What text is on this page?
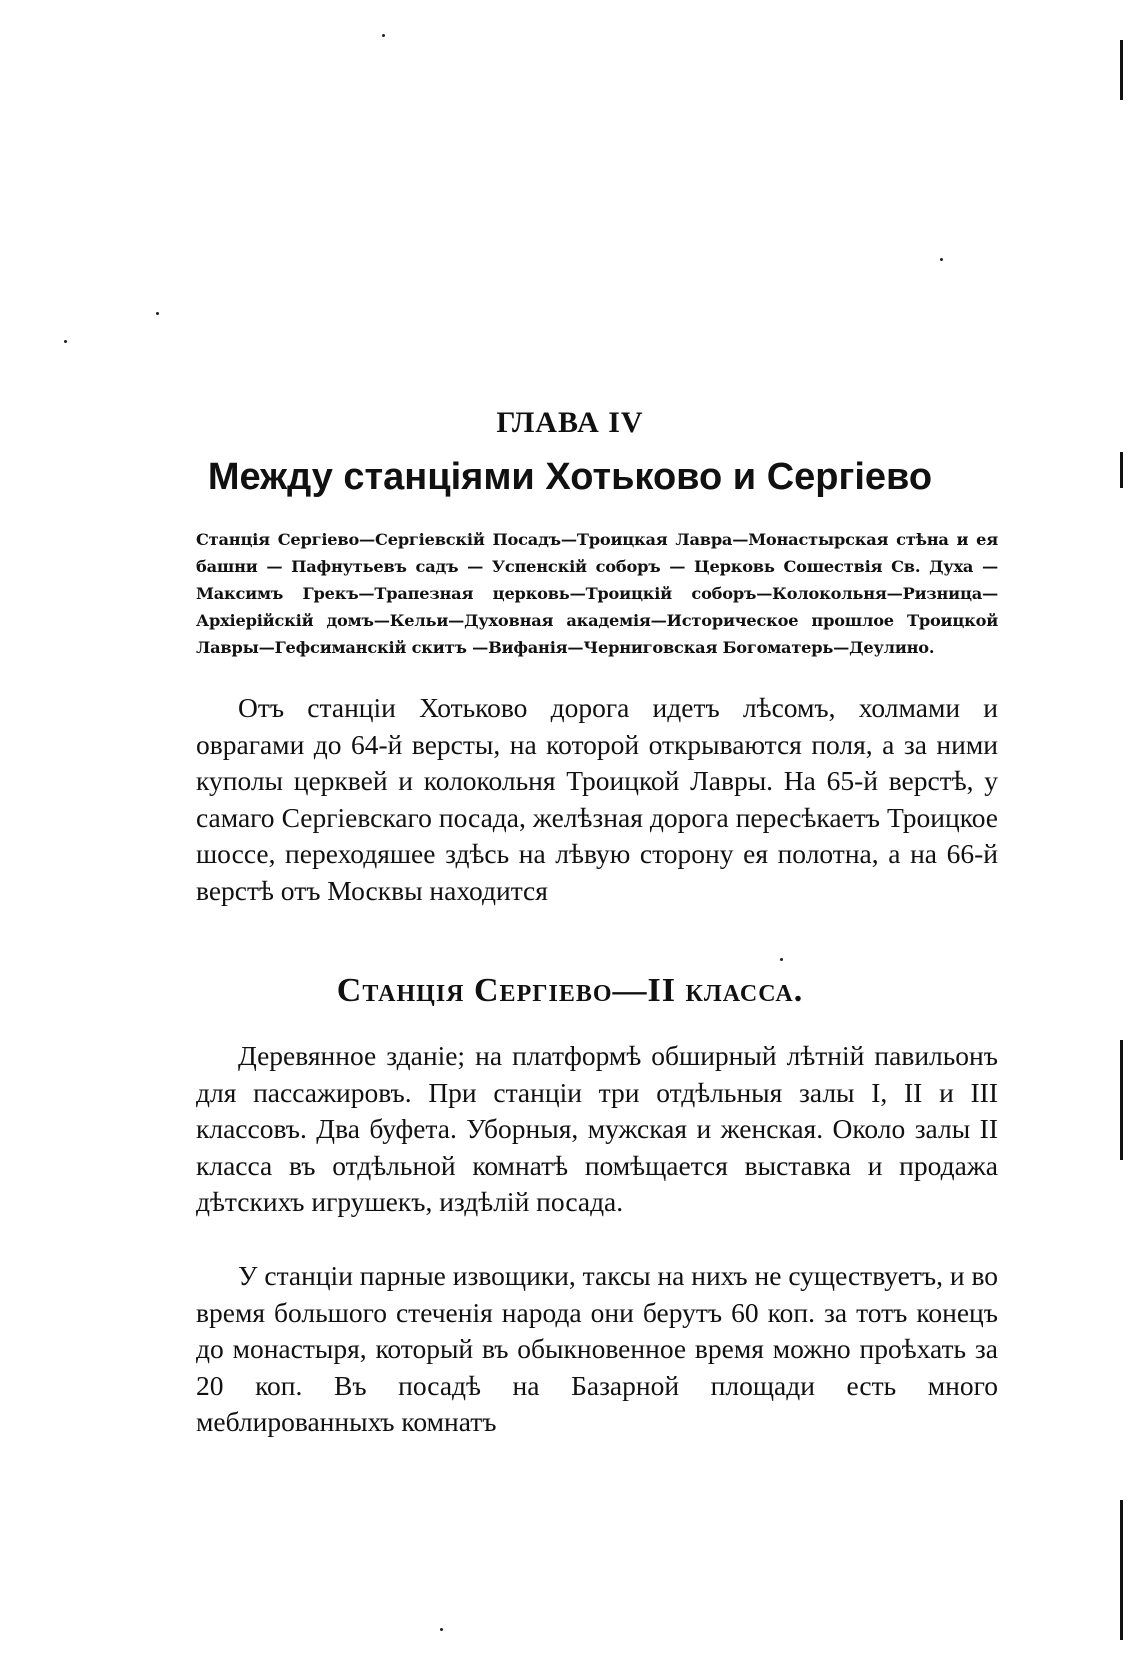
ГЛАВА IV
Между станціями Хотьково и Сергіево

Станція Сергіево—Сергіевскій Посадъ—Троицкая Лавра—Монастырская стѣна и ея башни — Пафнутьевъ садъ — Успенскій соборъ — Церковь Сошествія Св. Духа — Максимъ Грекъ—Трапезная церковь—Троицкій соборъ—Колокольня—Ризница—Архіерійскій домъ—Кельи—Духовная академія—Историческое прошлое Троицкой Лавры—Гефсиманскій скитъ —Вифанія—Черниговская Богоматерь—Деулино.

Отъ станціи Хотьково дорога идетъ лѣсомъ, холмами и оврагами до 64-й версты, на которой открываются поля, а за ними куполы церквей и колокольня Троицкой Лавры. На 65-й верстѣ, у самаго Сергіевскаго посада, желѣзная дорога пересѣкаетъ Троицкое шоссе, переходяшее здѣсь на лѣвую сторону ея полотна, а на 66-й верстѣ отъ Москвы находится

Станція Сергіево—II класса.

Деревянное зданіе; на платформѣ обширный лѣтній павильонъ для пассажировъ. При станціи три отдѣльныя залы I, II и III классовъ. Два буфета. Уборныя, мужская и женская. Около залы II класса въ отдѣльной комнатѣ помѣщается выставка и продажа дѣтскихъ игрушекъ, издѣлій посада.

У станціи парные извощики, таксы на нихъ не существуетъ, и во время большого стеченія народа они берутъ 60 коп. за тотъ конецъ до монастыря, который въ обыкновенное время можно проѣхать за 20 коп. Въ посадѣ на Базарной площади есть много меблированныхъ комнатъ
